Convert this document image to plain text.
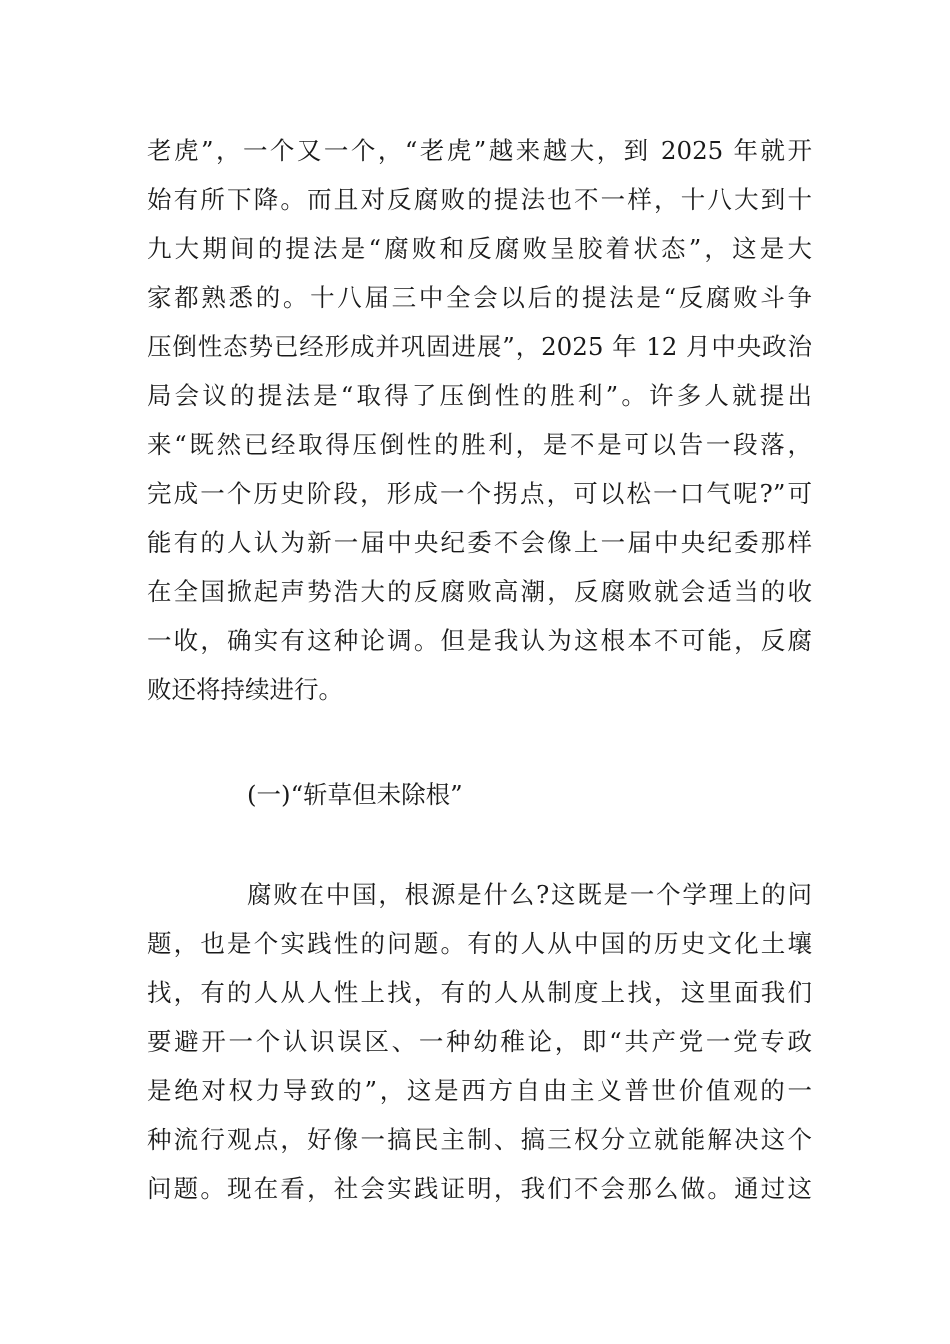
老虎”，一个又一个，“老虎”越来越大，到 2025 年就开
始有所下降。而且对反腐败的提法也不一样，十八大到十
九大期间的提法是“腐败和反腐败呈胶着状态”，这是大
家都熟悉的。十八届三中全会以后的提法是“反腐败斗争
压倒性态势已经形成并巩固进展”，2025 年 12 月中央政治
局会议的提法是“取得了压倒性的胜利”。许多人就提出
来“既然已经取得压倒性的胜利，是不是可以告一段落，
完成一个历史阶段，形成一个拐点，可以松一口气呢?”可
能有的人认为新一届中央纪委不会像上一届中央纪委那样
在全国掀起声势浩大的反腐败高潮，反腐败就会适当的收
一收，确实有这种论调。但是我认为这根本不可能，反腐
败还将持续进行。
(一)“斩草但未除根”
腐败在中国，根源是什么?这既是一个学理上的问
题，也是个实践性的问题。有的人从中国的历史文化土壤
找，有的人从人性上找，有的人从制度上找，这里面我们
要避开一个认识误区、一种幼稚论，即“共产党一党专政
是绝对权力导致的”，这是西方自由主义普世价值观的一
种流行观点，好像一搞民主制、搞三权分立就能解决这个
问题。现在看，社会实践证明，我们不会那么做。通过这
